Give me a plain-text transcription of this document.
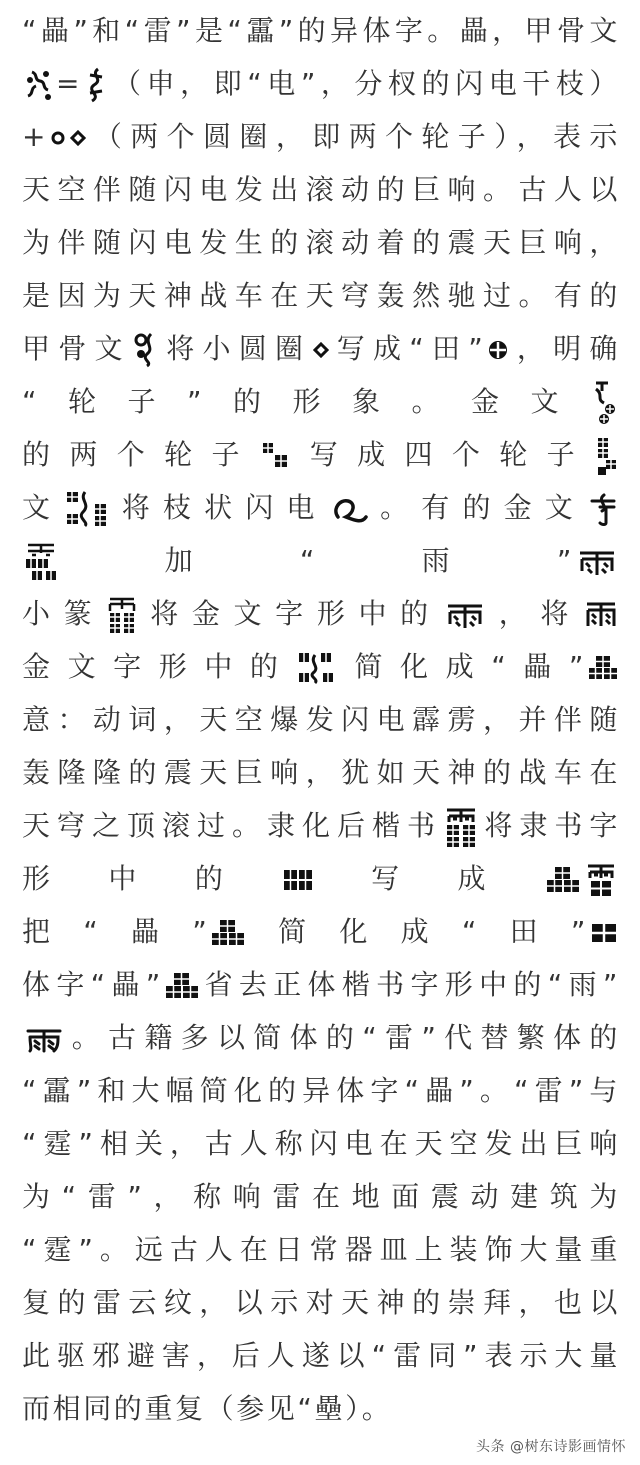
“畾”和“雷”是“靁”的异体字。畾，甲骨文
= （申，即“电”，分杈的闪电干枝）
+ （两个圆圈，即两个轮子），表示
天空伴随闪电发出滚动的巨响。古人以
为伴随闪电发生的滚动着的震天巨响，
是因为天神战车在天穹轰然驰过。有的
甲骨文 将小圆圈 写成“田” ，明确
“轮子”的形象。金文
的两个轮子 写成四个轮子
文 将枝状闪电 。有的金文
加“雨”
小篆 将金文字形中的 ，将
金文字形中的 简化成“畾”
意：动词，天空爆发闪电霹雳，并伴随
轰隆隆的震天巨响，犹如天神的战车在
天穹之顶滚过。隶化后楷书 将隶书字
形中的 写成
把“畾” 简化成“田”
体字“畾” 省去正体楷书字形中的“雨”
。古籍多以简体的“雷”代替繁体的
“靁”和大幅简化的异体字“畾”。“雷”与
“霆”相关，古人称闪电在天空发出巨响
为“雷”，称响雷在地面震动建筑为
“霆”。远古人在日常器皿上装饰大量重
复的雷云纹，以示对天神的崇拜，也以
此驱邪避害，后人遂以“雷同”表示大量
而相同的重复（参见“壘）。
头条 @树东诗影画情怀
